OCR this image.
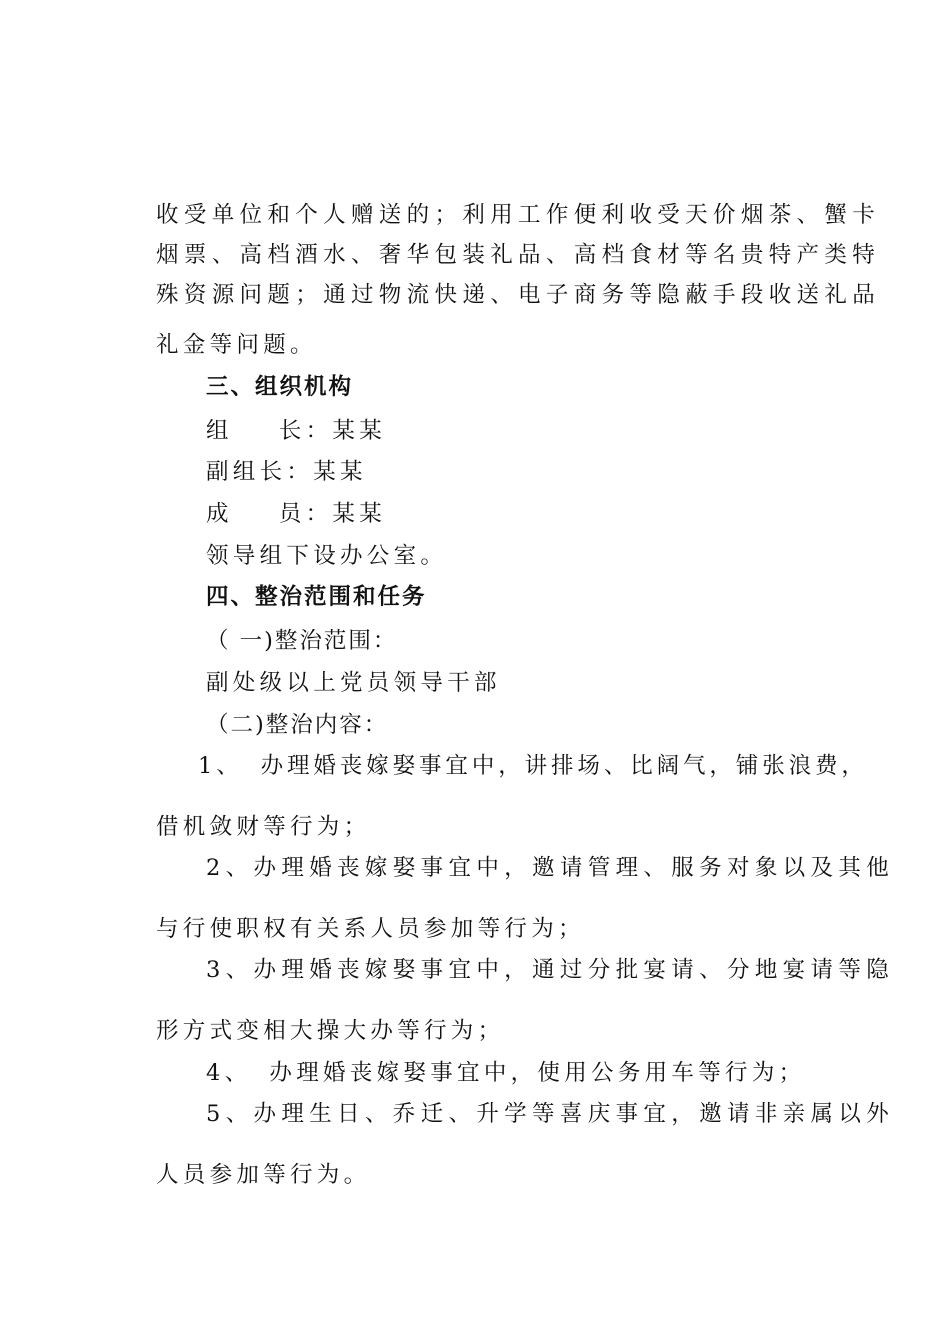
收受单位和个人赠送的；利用工作便利收受天价烟茶、蟹卡
烟票、高档酒水、奢华包装礼品、高档食材等名贵特产类特
殊资源问题；通过物流快递、电子商务等隐蔽手段收送礼品
礼金等问题。
三、组织机构
组 长：某某
副组长：某某
成 员：某某
领导组下设办公室。
四、整治范围和任务
（ 一)整治范围：
副处级以上党员领导干部
（二)整治内容：
1、 办理婚丧嫁娶事宜中，讲排场、比阔气，铺张浪费，
借机敛财等行为；
2、办理婚丧嫁娶事宜中，邀请管理、服务对象以及其他
与行使职权有关系人员参加等行为；
3、办理婚丧嫁娶事宜中，通过分批宴请、分地宴请等隐
形方式变相大操大办等行为；
4、 办理婚丧嫁娶事宜中，使用公务用车等行为；
5、办理生日、乔迁、升学等喜庆事宜，邀请非亲属以外
人员参加等行为。
